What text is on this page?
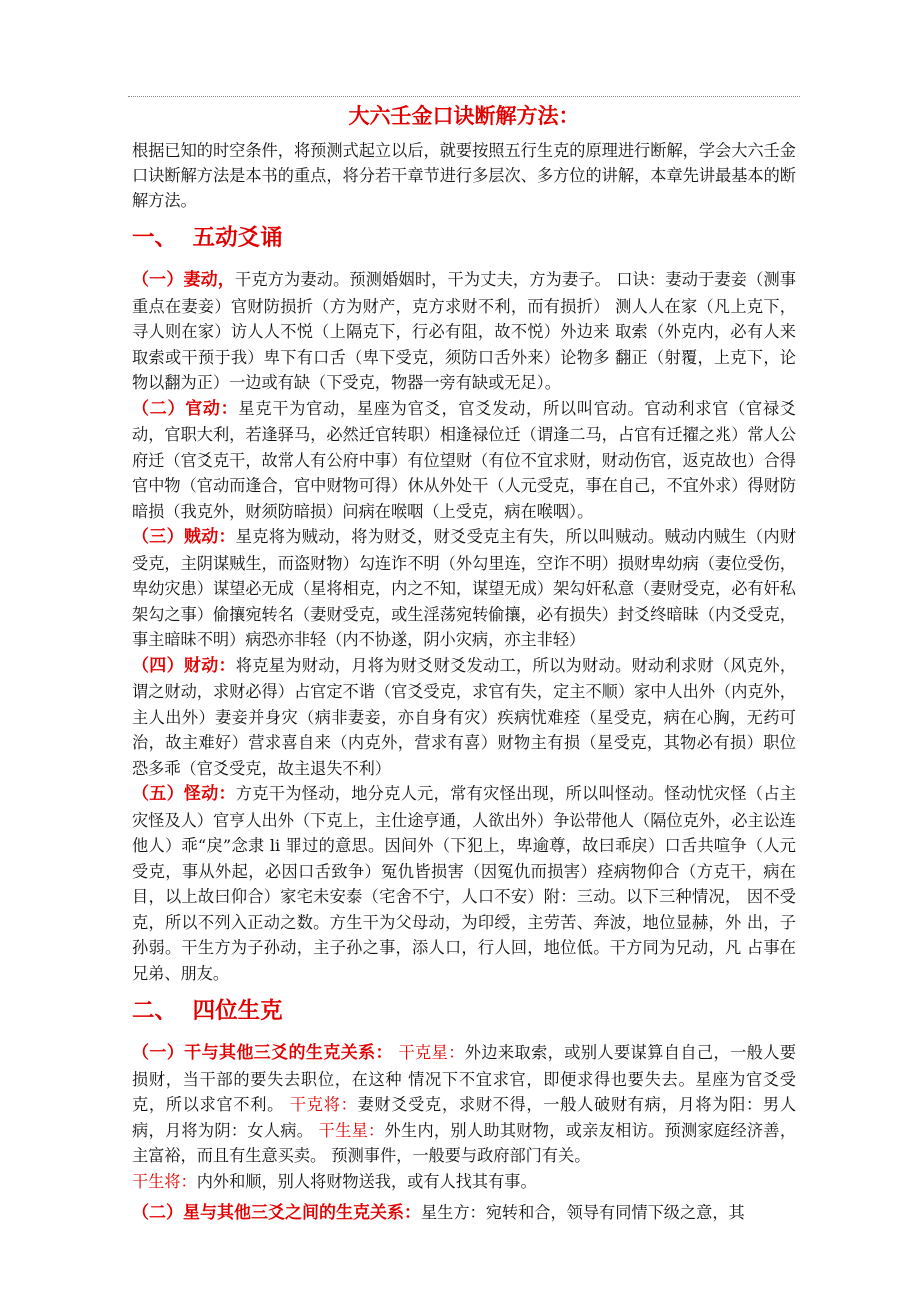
大六壬金口诀断解方法：

根据已知的时空条件，将预测式起立以后，就要按照五行生克的原理进行断解，学会大六壬金口诀断解方法是本书的重点，将分若干章节进行多层次、多方位的讲解，本章先讲最基本的断解方法。

一、  五动爻诵

（一）妻动，干克方为妻动。预测婚姻时，干为丈夫，方为妻子。 口诀：妻动于妻妾（测事重点在妻妾）官财防损折（方为财产，克方求财不利，而有损折） 测人人在家（凡上克下，寻人则在家）访人人不悦（上隔克下，行必有阻，故不悦）外边来 取索（外克内，必有人来取索或干预于我）卑下有口舌（卑下受克，须防口舌外来）论物多 翻正（射覆，上克下，论物以翻为正）一边或有缺（下受克，物器一旁有缺或无足）。

（二）官动：星克干为官动，星座为官爻，官爻发动，所以叫官动。官动利求官（官禄爻动，官职大利，若逢驿马，必然迁官转职）相逢禄位迁（谓逢二马，占官有迁擢之兆）常人公府迁（官爻克干，故常人有公府中事）有位望财（有位不宜求财，财动伤官，返克故也）合得官中物（官动而逢合，官中财物可得）休从外处干（人元受克，事在自己，不宜外求）得财防暗损（我克外，财须防暗损）问病在喉咽（上受克，病在喉咽）。

（三）贼动：星克将为贼动，将为财爻，财爻受克主有失，所以叫贼动。贼动内贼生（内财受克，主阴谋贼生，而盗财物）勾连诈不明（外勾里连，空诈不明）损财卑幼病（妻位受伤，卑幼灾患）谋望必无成（星将相克，内之不知，谋望无成）架勾奸私意（妻财受克，必有奸私架勾之事）偷攘宛转名（妻财受克，或生淫荡宛转偷攘，必有损失）封爻终暗昧（内爻受克，事主暗昧不明）病恐亦非轻（内不协遂，阴小灾病，亦主非轻）

（四）财动：将克星为财动，月将为财爻财爻发动工，所以为财动。财动利求财（风克外， 谓之财动，求财必得）占官定不谐（官爻受克，求官有失，定主不顺）家中人出外（内克外， 主人出外）妻妾并身灾（病非妻妾，亦自身有灾）疾病忧难痊（星受克，病在心胸，无药可 治，故主难好）营求喜自来（内克外，营求有喜）财物主有损（星受克，其物必有损）职位 恐多乖（官爻受克，故主退失不利）

（五）怪动：方克干为怪动，地分克人元，常有灾怪出现，所以叫怪动。怪动忧灾怪（占主灾怪及人）官亨人出外（下克上，主仕途亨通，人欲出外）争讼带他人（隔位克外，必主讼连他人）乖“戾”念隶 li 罪过的意思。因间外（下犯上，卑逾尊，故曰乖戾）口舌共喧争（人元受克，事从外起，必因口舌致争）冤仇皆损害（因冤仇而损害）痊病物仰合（方克干，病在目，以上故曰仰合）家宅未安泰（宅舍不宁，人口不安）附：三动。以下三种情况， 因不受克，所以不列入正动之数。方生干为父母动，为印绶，主劳苦、奔波，地位显赫，外 出，子孙弱。干生方为子孙动，主子孙之事，添人口，行人回，地位低。干方同为兄动，凡 占事在兄弟、朋友。

二、  四位生克

（一）干与其他三爻的生克关系： 干克星：外边来取索，或别人要谋算自自己，一般人要损财，当干部的要失去职位，在这种 情况下不宜求官，即便求得也要失去。星座为官爻受克，所以求官不利。 干克将：妻财爻受克，求财不得，一般人破财有病，月将为阳：男人病，月将为阴：女人病。 干生星：外生内，别人助其财物，或亲友相访。预测家庭经济善，主富裕，而且有生意买卖。 预测事件，一般要与政府部门有关。

干生将：内外和顺，别人将财物送我，或有人找其有事。

（二）星与其他三爻之间的生克关系：星生方：宛转和合，领导有同情下级之意，其
